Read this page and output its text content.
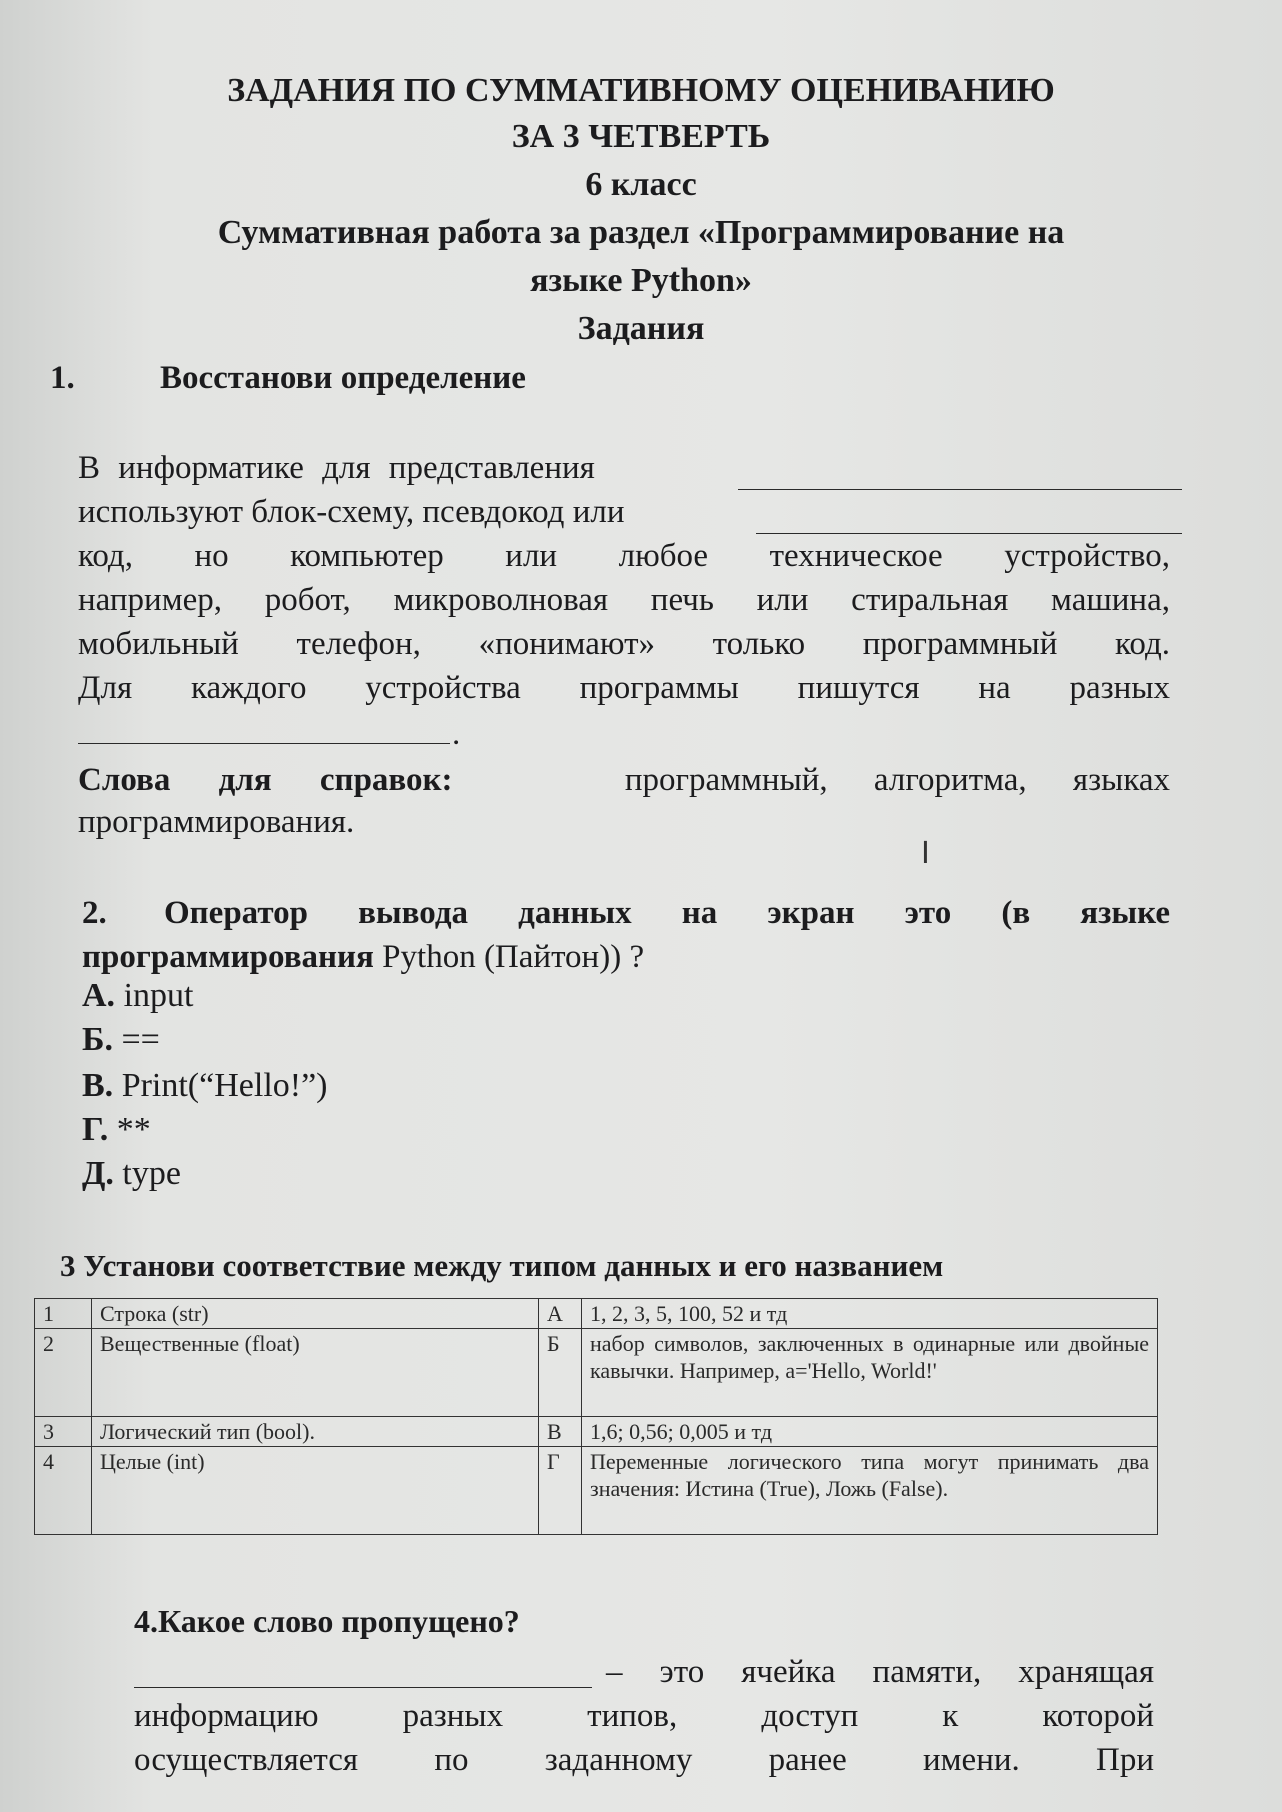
ЗАДАНИЯ ПО СУММАТИВНОМУ ОЦЕНИВАНИЮ
ЗА 3 ЧЕТВЕРТЬ
6 класс
Суммативная работа за раздел «Программирование на
языке Python»
Задания
1.	Восстанови определение
В информатике для представления
используют блок-схему, псевдокод или
код, но компьютер или любое техническое устройство,
например, робот, микроволновая печь или стиральная машина,
мобильный телефон, «понимают» только программный код.
Для каждого устройства программы пишутся на разных
.
Слова для справок:	программный, алгоритма, языках
программирования.
I
2. Оператор вывода данных на экран это (в языке
программирования Python (Пайтон)) ?
А. input
Б. ==
В. Print(“Hello!”)
Г. **
Д. type
3 Установи соответствие между типом данных и его названием
1	Строка (str)	А	1, 2, 3, 5, 100, 52 и тд
2	Вещественные (float)	Б	набор символов, заключенных в одинарные или двойные кавычки. Например, a='Hello, World!'
3	Логический тип (bool).	В	1,6; 0,56; 0,005 и тд
4	Целые (int)	Г	Переменные логического типа могут принимать два значения: Истина (True), Ложь (False).
4.Какое слово пропущено?
– это ячейка памяти, хранящая
информацию разных типов, доступ к которой
осуществляется по заданному ранее имени. При
